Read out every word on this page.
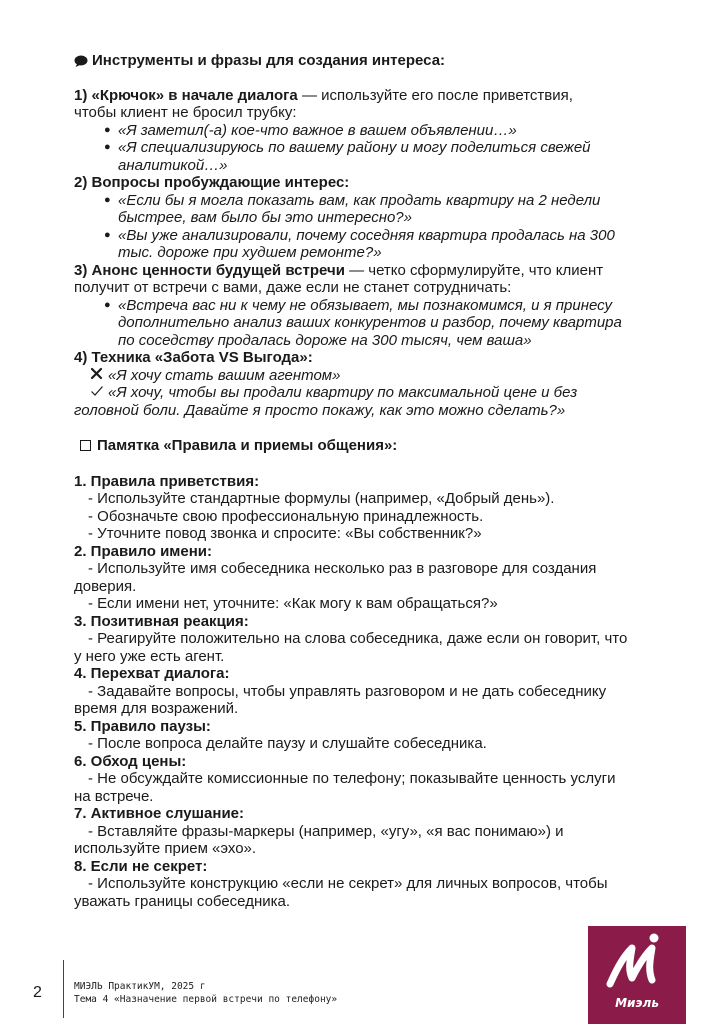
Инструменты и фразы для создания интереса:
1) «Крючок» в начале диалога — используйте его после приветствия,
чтобы клиент не бросил трубку:
● «Я заметил(-а) кое-что важное в вашем объявлении…»
● «Я специализируюсь по вашему району и могу поделиться свежей
аналитикой…»
2) Вопросы пробуждающие интерес:
● «Если бы я могла показать вам, как продать квартиру на 2 недели
быстрее, вам было бы это интересно?»
● «Вы уже анализировали, почему соседняя квартира продалась на 300
тыс. дороже при худшем ремонте?»
3) Анонс ценности будущей встречи — четко сформулируйте, что клиент
получит от встречи с вами, даже если не станет сотрудничать:
● «Встреча вас ни к чему не обязывает, мы познакомимся, и я принесу
дополнительно анализ ваших конкурентов и разбор, почему квартира
по соседству продалась дороже на 300 тысяч, чем ваша»
4) Техника «Забота VS Выгода»:
«Я хочу стать вашим агентом»
«Я хочу, чтобы вы продали квартиру по максимальной цене и без
головной боли. Давайте я просто покажу, как это можно сделать?»
Памятка «Правила и приемы общения»:
1. Правила приветствия:
- Используйте стандартные формулы (например, «Добрый день»).
- Обозначьте свою профессиональную принадлежность.
- Уточните повод звонка и спросите: «Вы собственник?»
2. Правило имени:
- Используйте имя собеседника несколько раз в разговоре для создания
доверия.
- Если имени нет, уточните: «Как могу к вам обращаться?»
3. Позитивная реакция:
- Реагируйте положительно на слова собеседника, даже если он говорит, что
у него уже есть агент.
4. Перехват диалога:
- Задавайте вопросы, чтобы управлять разговором и не дать собеседнику
время для возражений.
5. Правило паузы:
- После вопроса делайте паузу и слушайте собеседника.
6. Обход цены:
- Не обсуждайте комиссионные по телефону; показывайте ценность услуги
на встрече.
7. Активное слушание:
- Вставляйте фразы-маркеры (например, «угу», «я вас понимаю») и
используйте прием «эхо».
8. Если не секрет:
- Используйте конструкцию «если не секрет» для личных вопросов, чтобы
уважать границы собеседника.
2	МИЭЛЬ ПрактикУМ, 2025 г
Тема 4 «Назначение первой встречи по телефону»	Миэль
